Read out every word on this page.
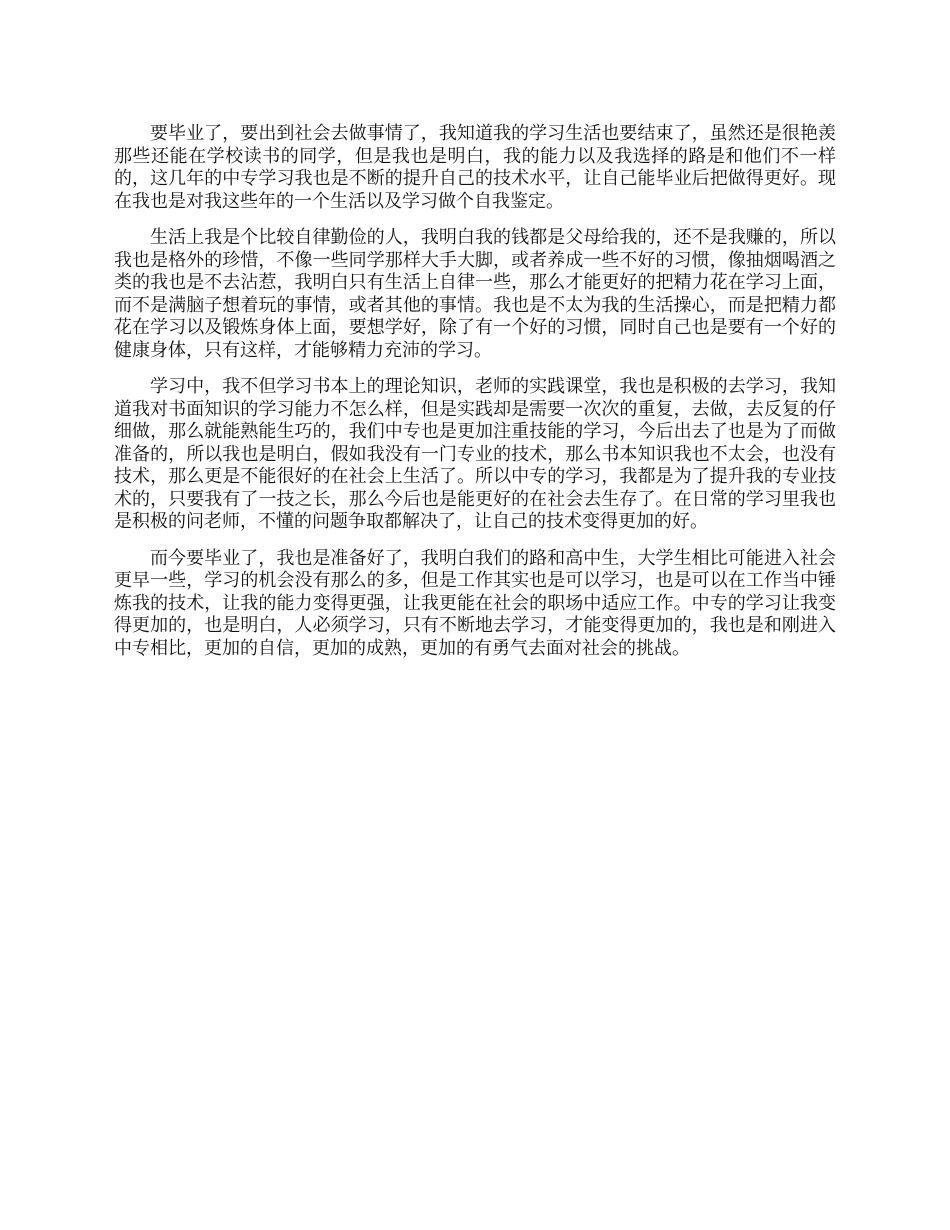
要毕业了，要出到社会去做事情了，我知道我的学习生活也要结束了，虽然还是很艳羡那些还能在学校读书的同学，但是我也是明白，我的能力以及我选择的路是和他们不一样的，这几年的中专学习我也是不断的提升自己的技术水平，让自己能毕业后把做得更好。现在我也是对我这些年的一个生活以及学习做个自我鉴定。

生活上我是个比较自律勤俭的人，我明白我的钱都是父母给我的，还不是我赚的，所以我也是格外的珍惜，不像一些同学那样大手大脚，或者养成一些不好的习惯，像抽烟喝酒之类的我也是不去沾惹，我明白只有生活上自律一些，那么才能更好的把精力花在学习上面，而不是满脑子想着玩的事情，或者其他的事情。我也是不太为我的生活操心，而是把精力都花在学习以及锻炼身体上面，要想学好，除了有一个好的习惯，同时自己也是要有一个好的健康身体，只有这样，才能够精力充沛的学习。

学习中，我不但学习书本上的理论知识，老师的实践课堂，我也是积极的去学习，我知道我对书面知识的学习能力不怎么样，但是实践却是需要一次次的重复，去做，去反复的仔细做，那么就能熟能生巧的，我们中专也是更加注重技能的学习，今后出去了也是为了而做准备的，所以我也是明白，假如我没有一门专业的技术，那么书本知识我也不太会，也没有技术，那么更是不能很好的在社会上生活了。所以中专的学习，我都是为了提升我的专业技术的，只要我有了一技之长，那么今后也是能更好的在社会去生存了。在日常的学习里我也是积极的问老师，不懂的问题争取都解决了，让自己的技术变得更加的好。

而今要毕业了，我也是准备好了，我明白我们的路和高中生，大学生相比可能进入社会更早一些，学习的机会没有那么的多，但是工作其实也是可以学习，也是可以在工作当中锤炼我的技术，让我的能力变得更强，让我更能在社会的职场中适应工作。中专的学习让我变得更加的，也是明白，人必须学习，只有不断地去学习，才能变得更加的，我也是和刚进入中专相比，更加的自信，更加的成熟，更加的有勇气去面对社会的挑战。
